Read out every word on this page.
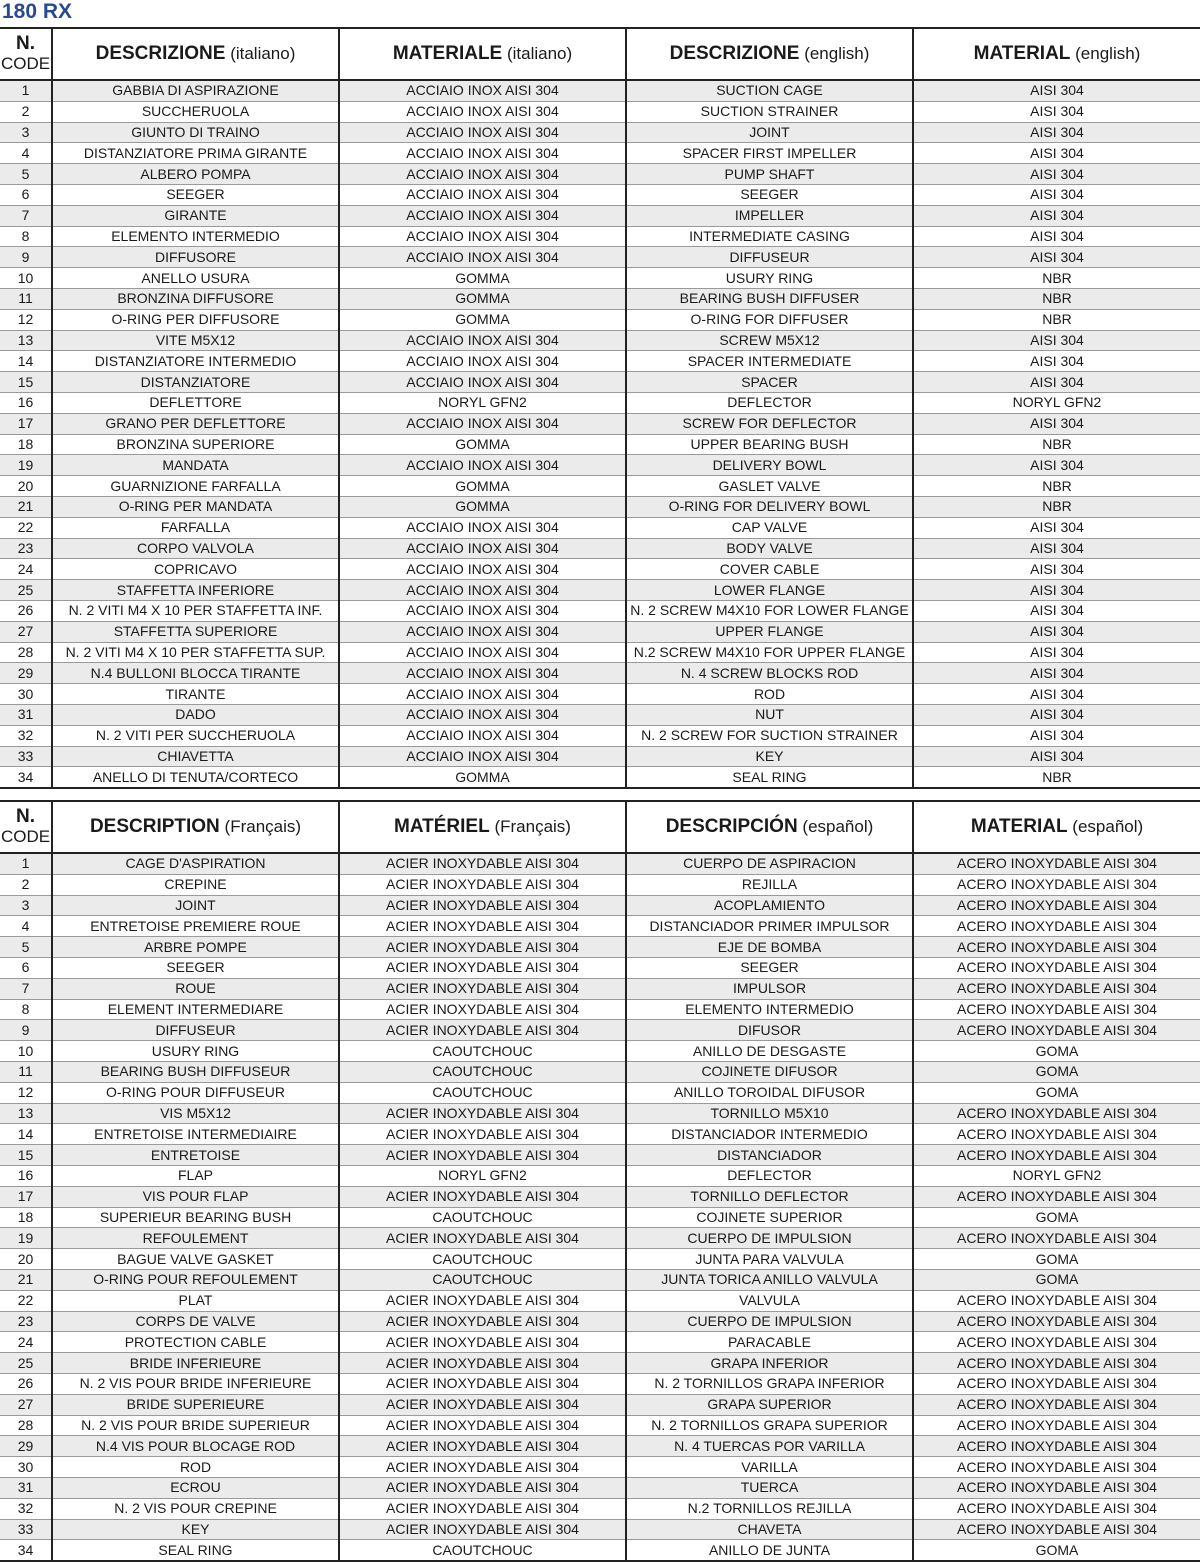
180 RX
N.
CODE	DESCRIZIONE (italiano)	MATERIALE (italiano)	DESCRIZIONE (english)	MATERIAL (english)
1	GABBIA DI ASPIRAZIONE	ACCIAIO INOX AISI 304	SUCTION CAGE	AISI 304
2	SUCCHERUOLA	ACCIAIO INOX AISI 304	SUCTION STRAINER	AISI 304
3	GIUNTO DI TRAINO	ACCIAIO INOX AISI 304	JOINT	AISI 304
4	DISTANZIATORE PRIMA GIRANTE	ACCIAIO INOX AISI 304	SPACER FIRST IMPELLER	AISI 304
5	ALBERO POMPA	ACCIAIO INOX AISI 304	PUMP SHAFT	AISI 304
6	SEEGER	ACCIAIO INOX AISI 304	SEEGER	AISI 304
7	GIRANTE	ACCIAIO INOX AISI 304	IMPELLER	AISI 304
8	ELEMENTO INTERMEDIO	ACCIAIO INOX AISI 304	INTERMEDIATE CASING	AISI 304
9	DIFFUSORE	ACCIAIO INOX AISI 304	DIFFUSEUR	AISI 304
10	ANELLO USURA	GOMMA	USURY RING	NBR
11	BRONZINA DIFFUSORE	GOMMA	BEARING BUSH DIFFUSER	NBR
12	O-RING PER DIFFUSORE	GOMMA	O-RING FOR DIFFUSER	NBR
13	VITE M5X12	ACCIAIO INOX AISI 304	SCREW M5X12	AISI 304
14	DISTANZIATORE INTERMEDIO	ACCIAIO INOX AISI 304	SPACER INTERMEDIATE	AISI 304
15	DISTANZIATORE	ACCIAIO INOX AISI 304	SPACER	AISI 304
16	DEFLETTORE	NORYL GFN2	DEFLECTOR	NORYL GFN2
17	GRANO PER DEFLETTORE	ACCIAIO INOX AISI 304	SCREW FOR DEFLECTOR	AISI 304
18	BRONZINA SUPERIORE	GOMMA	UPPER BEARING BUSH	NBR
19	MANDATA	ACCIAIO INOX AISI 304	DELIVERY BOWL	AISI 304
20	GUARNIZIONE FARFALLA	GOMMA	GASLET VALVE	NBR
21	O-RING PER MANDATA	GOMMA	O-RING FOR DELIVERY BOWL	NBR
22	FARFALLA	ACCIAIO INOX AISI 304	CAP VALVE	AISI 304
23	CORPO VALVOLA	ACCIAIO INOX AISI 304	BODY VALVE	AISI 304
24	COPRICAVO	ACCIAIO INOX AISI 304	COVER CABLE	AISI 304
25	STAFFETTA INFERIORE	ACCIAIO INOX AISI 304	LOWER FLANGE	AISI 304
26	N. 2 VITI M4 X 10 PER STAFFETTA INF.	ACCIAIO INOX AISI 304	N. 2 SCREW M4X10 FOR LOWER FLANGE	AISI 304
27	STAFFETTA SUPERIORE	ACCIAIO INOX AISI 304	UPPER FLANGE	AISI 304
28	N. 2 VITI M4 X 10 PER STAFFETTA SUP.	ACCIAIO INOX AISI 304	N.2 SCREW M4X10 FOR UPPER FLANGE	AISI 304
29	N.4 BULLONI BLOCCA TIRANTE	ACCIAIO INOX AISI 304	N. 4 SCREW BLOCKS ROD	AISI 304
30	TIRANTE	ACCIAIO INOX AISI 304	ROD	AISI 304
31	DADO	ACCIAIO INOX AISI 304	NUT	AISI 304
32	N. 2 VITI PER SUCCHERUOLA	ACCIAIO INOX AISI 304	N. 2 SCREW FOR SUCTION STRAINER	AISI 304
33	CHIAVETTA	ACCIAIO INOX AISI 304	KEY	AISI 304
34	ANELLO DI TENUTA/CORTECO	GOMMA	SEAL RING	NBR
N.
CODE	DESCRIPTION (Français)	MATÉRIEL (Français)	DESCRIPCIÓN (español)	MATERIAL (español)
1	CAGE D'ASPIRATION	ACIER INOXYDABLE AISI 304	CUERPO DE ASPIRACION	ACERO INOXYDABLE AISI 304
2	CREPINE	ACIER INOXYDABLE AISI 304	REJILLA	ACERO INOXYDABLE AISI 304
3	JOINT	ACIER INOXYDABLE AISI 304	ACOPLAMIENTO	ACERO INOXYDABLE AISI 304
4	ENTRETOISE PREMIERE ROUE	ACIER INOXYDABLE AISI 304	DISTANCIADOR PRIMER IMPULSOR	ACERO INOXYDABLE AISI 304
5	ARBRE POMPE	ACIER INOXYDABLE AISI 304	EJE DE BOMBA	ACERO INOXYDABLE AISI 304
6	SEEGER	ACIER INOXYDABLE AISI 304	SEEGER	ACERO INOXYDABLE AISI 304
7	ROUE	ACIER INOXYDABLE AISI 304	IMPULSOR	ACERO INOXYDABLE AISI 304
8	ELEMENT INTERMEDIARE	ACIER INOXYDABLE AISI 304	ELEMENTO INTERMEDIO	ACERO INOXYDABLE AISI 304
9	DIFFUSEUR	ACIER INOXYDABLE AISI 304	DIFUSOR	ACERO INOXYDABLE AISI 304
10	USURY RING	CAOUTCHOUC	ANILLO DE DESGASTE	GOMA
11	BEARING BUSH DIFFUSEUR	CAOUTCHOUC	COJINETE DIFUSOR	GOMA
12	O-RING POUR DIFFUSEUR	CAOUTCHOUC	ANILLO TOROIDAL DIFUSOR	GOMA
13	VIS M5X12	ACIER INOXYDABLE AISI 304	TORNILLO M5X10	ACERO INOXYDABLE AISI 304
14	ENTRETOISE INTERMEDIAIRE	ACIER INOXYDABLE AISI 304	DISTANCIADOR INTERMEDIO	ACERO INOXYDABLE AISI 304
15	ENTRETOISE	ACIER INOXYDABLE AISI 304	DISTANCIADOR	ACERO INOXYDABLE AISI 304
16	FLAP	NORYL GFN2	DEFLECTOR	NORYL GFN2
17	VIS POUR FLAP	ACIER INOXYDABLE AISI 304	TORNILLO DEFLECTOR	ACERO INOXYDABLE AISI 304
18	SUPERIEUR BEARING BUSH	CAOUTCHOUC	COJINETE SUPERIOR	GOMA
19	REFOULEMENT	ACIER INOXYDABLE AISI 304	CUERPO DE IMPULSION	ACERO INOXYDABLE AISI 304
20	BAGUE VALVE GASKET	CAOUTCHOUC	JUNTA PARA VALVULA	GOMA
21	O-RING POUR REFOULEMENT	CAOUTCHOUC	JUNTA TORICA ANILLO VALVULA	GOMA
22	PLAT	ACIER INOXYDABLE AISI 304	VALVULA	ACERO INOXYDABLE AISI 304
23	CORPS DE VALVE	ACIER INOXYDABLE AISI 304	CUERPO DE IMPULSION	ACERO INOXYDABLE AISI 304
24	PROTECTION CABLE	ACIER INOXYDABLE AISI 304	PARACABLE	ACERO INOXYDABLE AISI 304
25	BRIDE INFERIEURE	ACIER INOXYDABLE AISI 304	GRAPA INFERIOR	ACERO INOXYDABLE AISI 304
26	N. 2 VIS POUR BRIDE INFERIEURE	ACIER INOXYDABLE AISI 304	N. 2 TORNILLOS GRAPA INFERIOR	ACERO INOXYDABLE AISI 304
27	BRIDE SUPERIEURE	ACIER INOXYDABLE AISI 304	GRAPA SUPERIOR	ACERO INOXYDABLE AISI 304
28	N. 2 VIS POUR BRIDE SUPERIEUR	ACIER INOXYDABLE AISI 304	N. 2 TORNILLOS GRAPA SUPERIOR	ACERO INOXYDABLE AISI 304
29	N.4 VIS POUR BLOCAGE ROD	ACIER INOXYDABLE AISI 304	N. 4 TUERCAS POR VARILLA	ACERO INOXYDABLE AISI 304
30	ROD	ACIER INOXYDABLE AISI 304	VARILLA	ACERO INOXYDABLE AISI 304
31	ECROU	ACIER INOXYDABLE AISI 304	TUERCA	ACERO INOXYDABLE AISI 304
32	N. 2 VIS POUR CREPINE	ACIER INOXYDABLE AISI 304	N.2 TORNILLOS REJILLA	ACERO INOXYDABLE AISI 304
33	KEY	ACIER INOXYDABLE AISI 304	CHAVETA	ACERO INOXYDABLE AISI 304
34	SEAL RING	CAOUTCHOUC	ANILLO DE JUNTA	GOMA
